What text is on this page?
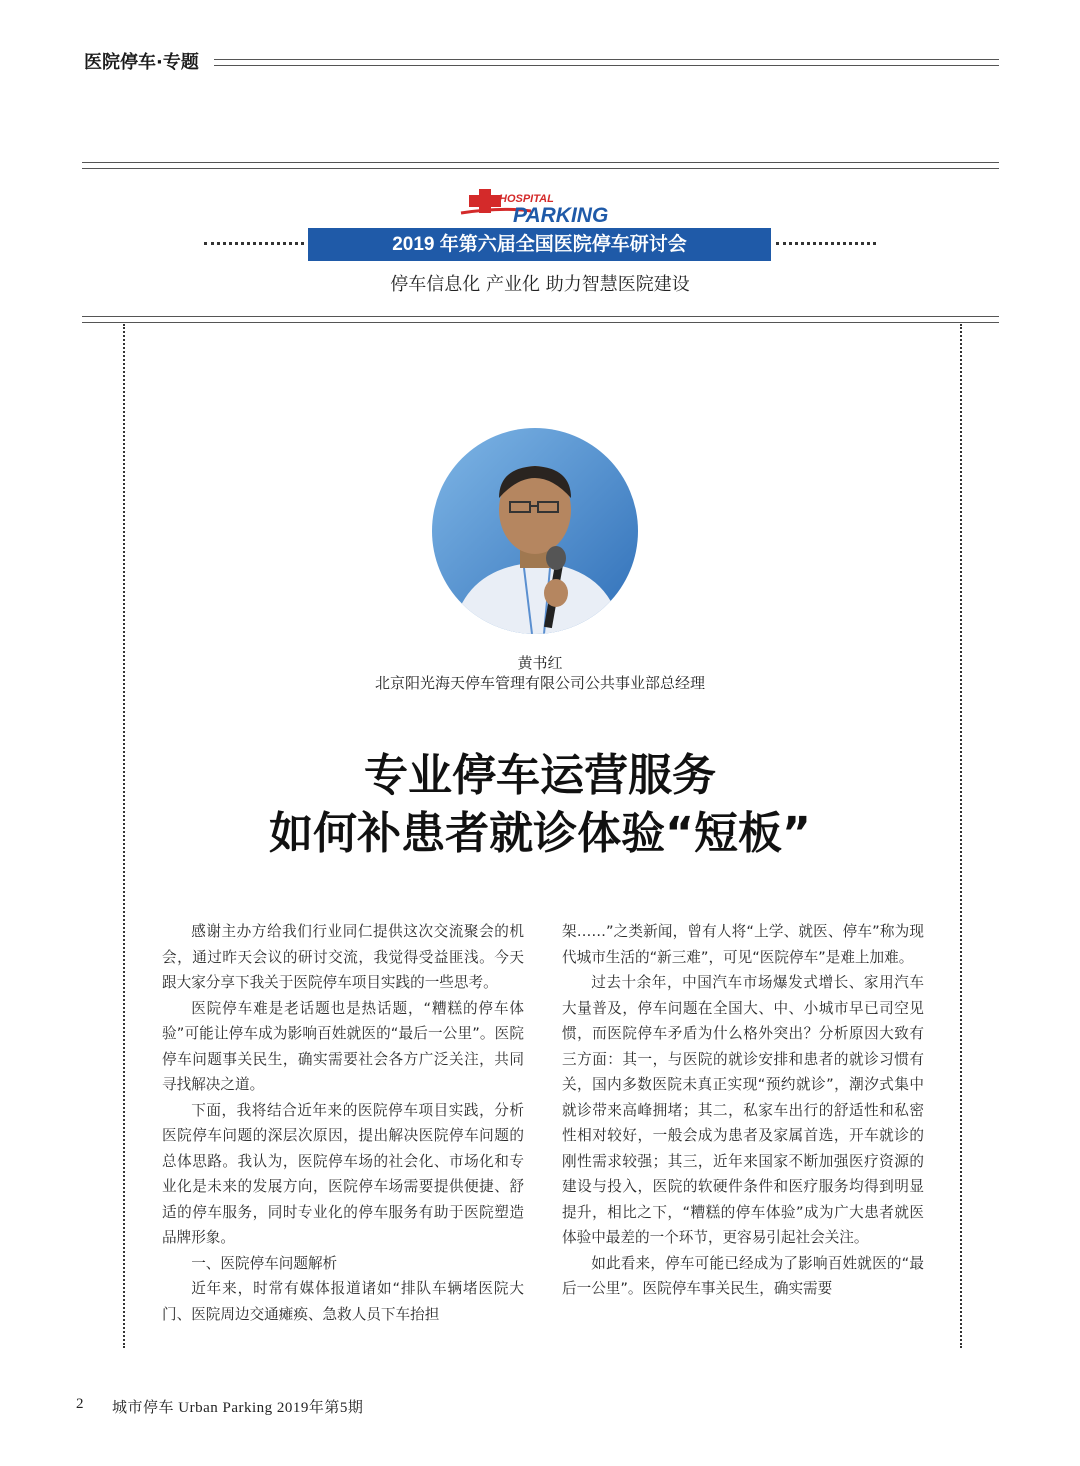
医院停车·专题
HOSPITAL
PARKING
2019 年第六届全国医院停车研讨会
停车信息化 产业化 助力智慧医院建设
黄书红
北京阳光海天停车管理有限公司公共事业部总经理
专业停车运营服务
如何补患者就诊体验“短板”

感谢主办方给我们行业同仁提供这次交流聚会的机会，通过昨天会议的研讨交流，我觉得受益匪浅。今天跟大家分享下我关于医院停车项目实践的一些思考。

医院停车难是老话题也是热话题，“糟糕的停车体验”可能让停车成为影响百姓就医的“最后一公里”。医院停车问题事关民生，确实需要社会各方广泛关注，共同寻找解决之道。

下面，我将结合近年来的医院停车项目实践，分析医院停车问题的深层次原因，提出解决医院停车问题的总体思路。我认为，医院停车场的社会化、市场化和专业化是未来的发展方向，医院停车场需要提供便捷、舒适的停车服务，同时专业化的停车服务有助于医院塑造品牌形象。

一、医院停车问题解析

近年来，时常有媒体报道诸如“排队车辆堵医院大门、医院周边交通瘫痪、急救人员下车抬担

架……”之类新闻，曾有人将“上学、就医、停车”称为现代城市生活的“新三难”，可见“医院停车”是难上加难。

过去十余年，中国汽车市场爆发式增长、家用汽车大量普及，停车问题在全国大、中、小城市早已司空见惯，而医院停车矛盾为什么格外突出？分析原因大致有三方面：其一，与医院的就诊安排和患者的就诊习惯有关，国内多数医院未真正实现“预约就诊”，潮汐式集中就诊带来高峰拥堵；其二，私家车出行的舒适性和私密性相对较好，一般会成为患者及家属首选，开车就诊的刚性需求较强；其三，近年来国家不断加强医疗资源的建设与投入，医院的软硬件条件和医疗服务均得到明显提升，相比之下，“糟糕的停车体验”成为广大患者就医体验中最差的一个环节，更容易引起社会关注。

如此看来，停车可能已经成为了影响百姓就医的“最后一公里”。医院停车事关民生，确实需要

2 城市停车 Urban Parking 2019年第5期
